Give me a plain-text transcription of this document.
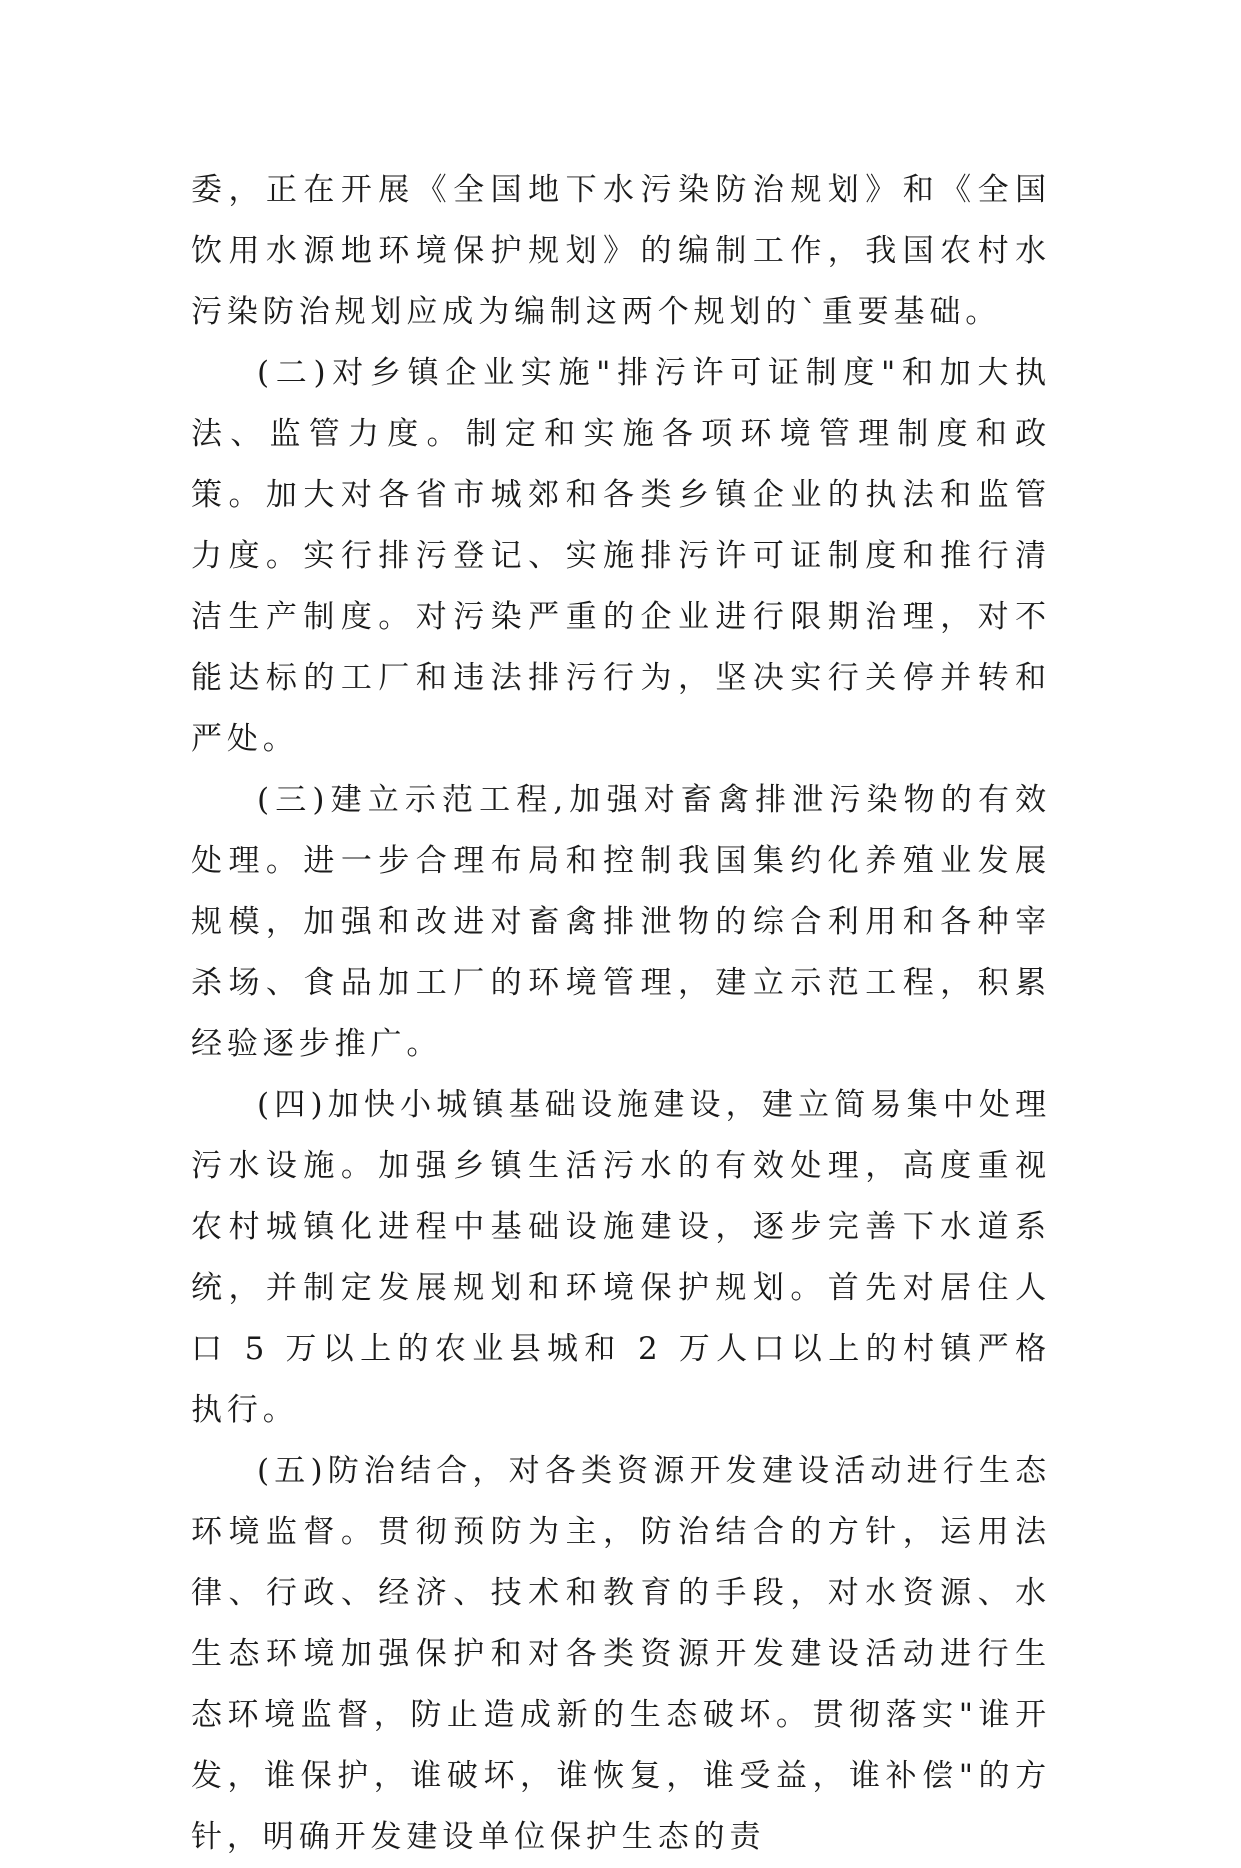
委，正在开展《全国地下水污染防治规划》和《全国饮用水源地环境保护规划》的编制工作，我国农村水污染防治规划应成为编制这两个规划的`重要基础。

(二)对乡镇企业实施"排污许可证制度"和加大执法、监管力度。制定和实施各项环境管理制度和政策。加大对各省市城郊和各类乡镇企业的执法和监管力度。实行排污登记、实施排污许可证制度和推行清洁生产制度。对污染严重的企业进行限期治理，对不能达标的工厂和违法排污行为，坚决实行关停并转和严处。

(三)建立示范工程,加强对畜禽排泄污染物的有效处理。进一步合理布局和控制我国集约化养殖业发展规模，加强和改进对畜禽排泄物的综合利用和各种宰杀场、食品加工厂的环境管理，建立示范工程，积累经验逐步推广。

(四)加快小城镇基础设施建设，建立简易集中处理污水设施。加强乡镇生活污水的有效处理，高度重视农村城镇化进程中基础设施建设，逐步完善下水道系统，并制定发展规划和环境保护规划。首先对居住人口 5 万以上的农业县城和 2 万人口以上的村镇严格执行。

(五)防治结合，对各类资源开发建设活动进行生态环境监督。贯彻预防为主，防治结合的方针，运用法律、行政、经济、技术和教育的手段，对水资源、水生态环境加强保护和对各类资源开发建设活动进行生态环境监督，防止造成新的生态破坏。贯彻落实"谁开发，谁保护，谁破坏，谁恢复，谁受益，谁补偿"的方针，明确开发建设单位保护生态的责
